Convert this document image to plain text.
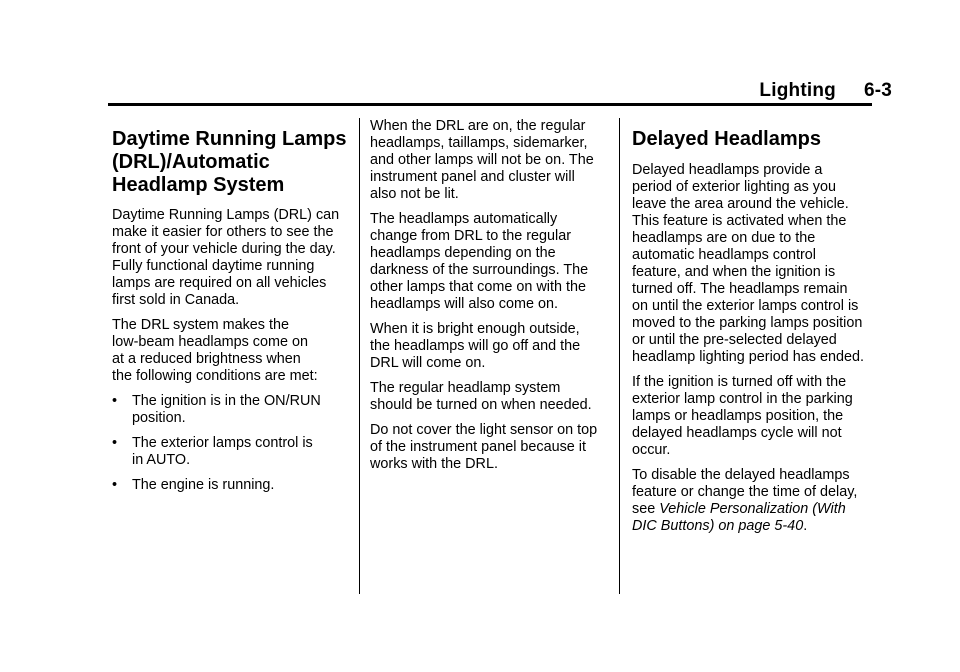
Lighting 6-3
Daytime Running Lamps
(DRL)/Automatic
Headlamp System

Daytime Running Lamps (DRL) can
make it easier for others to see the
front of your vehicle during the day.
Fully functional daytime running
lamps are required on all vehicles
first sold in Canada.

The DRL system makes the
low-beam headlamps come on
at a reduced brightness when
the following conditions are met:

• The ignition is in the ON/RUN
position.
• The exterior lamps control is
in AUTO.
• The engine is running.

When the DRL are on, the regular
headlamps, taillamps, sidemarker,
and other lamps will not be on. The
instrument panel and cluster will
also not be lit.

The headlamps automatically
change from DRL to the regular
headlamps depending on the
darkness of the surroundings. The
other lamps that come on with the
headlamps will also come on.

When it is bright enough outside,
the headlamps will go off and the
DRL will come on.

The regular headlamp system
should be turned on when needed.

Do not cover the light sensor on top
of the instrument panel because it
works with the DRL.

Delayed Headlamps

Delayed headlamps provide a
period of exterior lighting as you
leave the area around the vehicle.
This feature is activated when the
headlamps are on due to the
automatic headlamps control
feature, and when the ignition is
turned off. The headlamps remain
on until the exterior lamps control is
moved to the parking lamps position
or until the pre-selected delayed
headlamp lighting period has ended.

If the ignition is turned off with the
exterior lamp control in the parking
lamps or headlamps position, the
delayed headlamps cycle will not
occur.

To disable the delayed headlamps
feature or change the time of delay,
see Vehicle Personalization (With
DIC Buttons) on page 5-40.
